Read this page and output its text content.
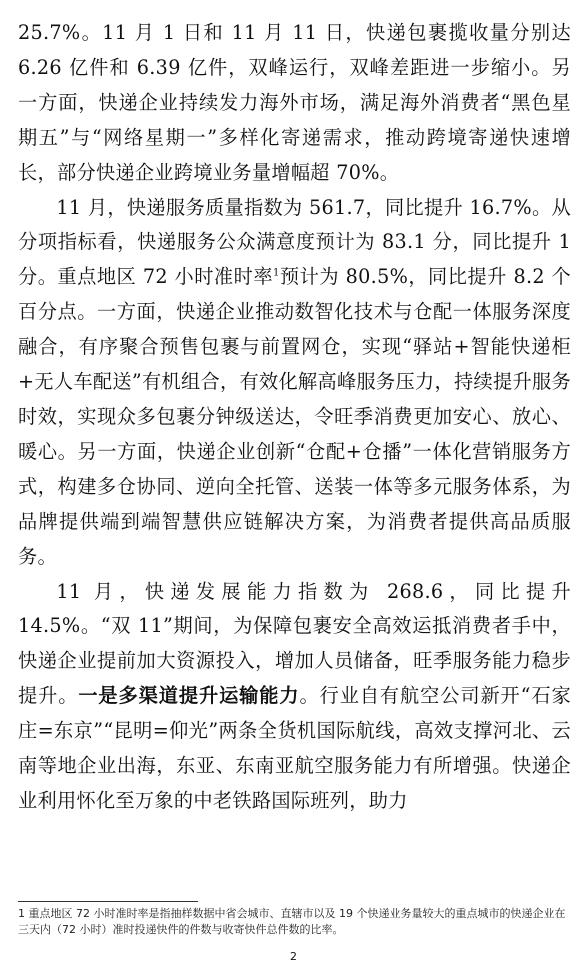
25.7%。11 月 1 日和 11 月 11 日，快递包裹揽收量分别达 6.26 亿件和 6.39 亿件，双峰运行，双峰差距进一步缩小。另一方面，快递企业持续发力海外市场，满足海外消费者“黑色星期五”与“网络星期一”多样化寄递需求，推动跨境寄递快速增长，部分快递企业跨境业务量增幅超 70%。

11 月，快递服务质量指数为 561.7，同比提升 16.7%。从分项指标看，快递服务公众满意度预计为 83.1 分，同比提升 1 分。重点地区 72 小时准时率$^1$预计为 80.5%，同比提升 8.2 个百分点。一方面，快递企业推动数智化技术与仓配一体服务深度融合，有序聚合预售包裹与前置网仓，实现“驿站+智能快递柜+无人车配送”有机组合，有效化解高峰服务压力，持续提升服务时效，实现众多包裹分钟级送达，令旺季消费更加安心、放心、暖心。另一方面，快递企业创新“仓配+仓播”一体化营销服务方式，构建多仓协同、逆向全托管、送装一体等多元服务体系，为品牌提供端到端智慧供应链解决方案，为消费者提供高品质服务。

11 月，快递发展能力指数为 268.6，同比提升 14.5%。“双 11”期间，为保障包裹安全高效运抵消费者手中，快递企业提前加大资源投入，增加人员储备，旺季服务能力稳步提升。一是多渠道提升运输能力。行业自有航空公司新开“石家庄=东京”“昆明=仰光”两条全货机国际航线，高效支撑河北、云南等地企业出海，东亚、东南亚航空服务能力有所增强。快递企业利用怀化至万象的中老铁路国际班列，助力

1 重点地区 72 小时准时率是指抽样数据中省会城市、直辖市以及 19 个快递业务量较大的重点城市的快递企业在三天内（72 小时）准时投递快件的件数与收寄快件总件数的比率。
2
